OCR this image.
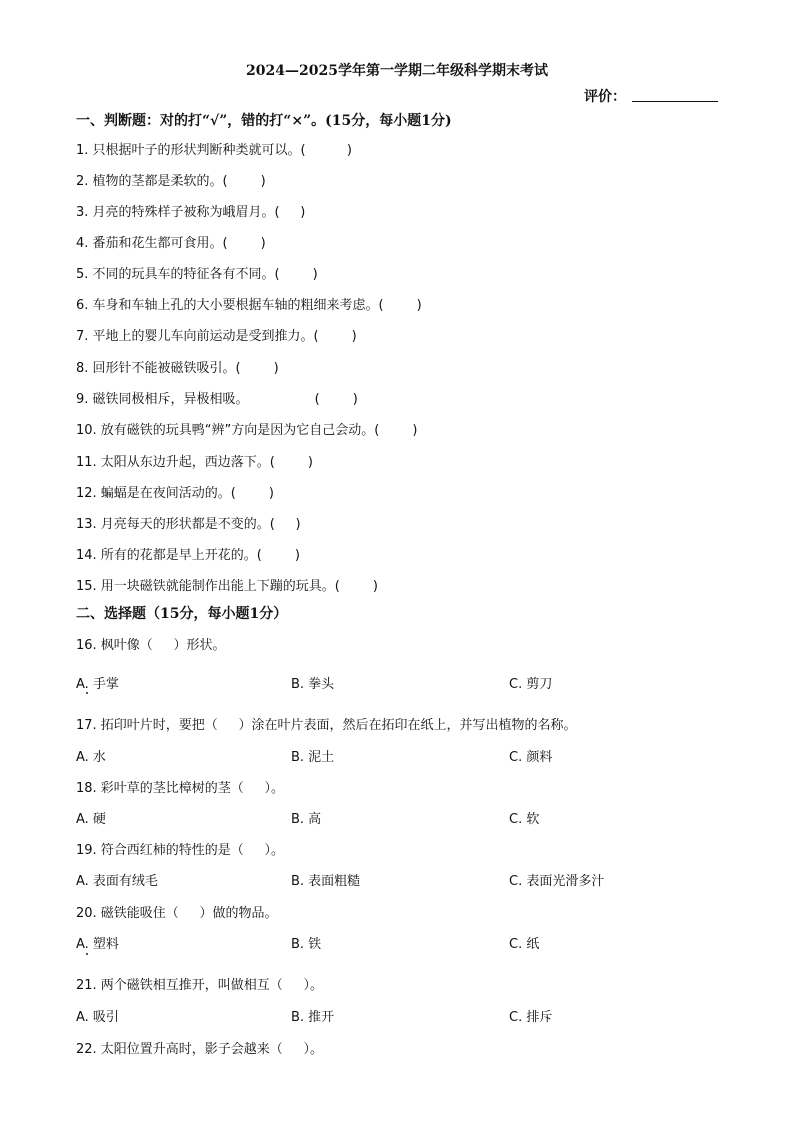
2024—2025学年第一学期二年级科学期末考试
评价：
一、判断题：对的打“√”，错的打“×”。(15分，每小题1分)
1. 只根据叶子的形状判断种类就可以。(          )
2. 植物的茎都是柔软的。(        )
3. 月亮的特殊样子被称为峨眉月。(     )
4. 番茄和花生都可食用。(        )
5. 不同的玩具车的特征各有不同。(        )
6. 车身和车轴上孔的大小要根据车轴的粗细来考虑。(        )
7. 平地上的婴儿车向前运动是受到推力。(        )
8. 回形针不能被磁铁吸引。(        )
9. 磁铁同极相斥，异极相吸。                (        )
10. 放有磁铁的玩具鸭“辨”方向是因为它自己会动。(        )
11. 太阳从东边升起，西边落下。(        )
12. 蝙蝠是在夜间活动的。(        )
13. 月亮每天的形状都是不变的。(     )
14. 所有的花都是早上开花的。(        )
15. 用一块磁铁就能制作出能上下蹦的玩具。(        )
二、选择题（15分，每小题1分）
16. 枫叶像（     ）形状。
A. 手掌	B. 拳头	C. 剪刀
17. 拓印叶片时，要把（     ）涂在叶片表面，然后在拓印在纸上，并写出植物的名称。
A. 水	B. 泥土	C. 颜料
18. 彩叶草的茎比樟树的茎（     ）。
A. 硬	B. 高	C. 软
19. 符合西红柿的特性的是（     ）。
A. 表面有绒毛	B. 表面粗糙	C. 表面光滑多汁
20. 磁铁能吸住（     ）做的物品。
A. 塑料	B. 铁	C. 纸
21. 两个磁铁相互推开，叫做相互（     ）。
A. 吸引	B. 推开	C. 排斥
22. 太阳位置升高时，影子会越来（     ）。
